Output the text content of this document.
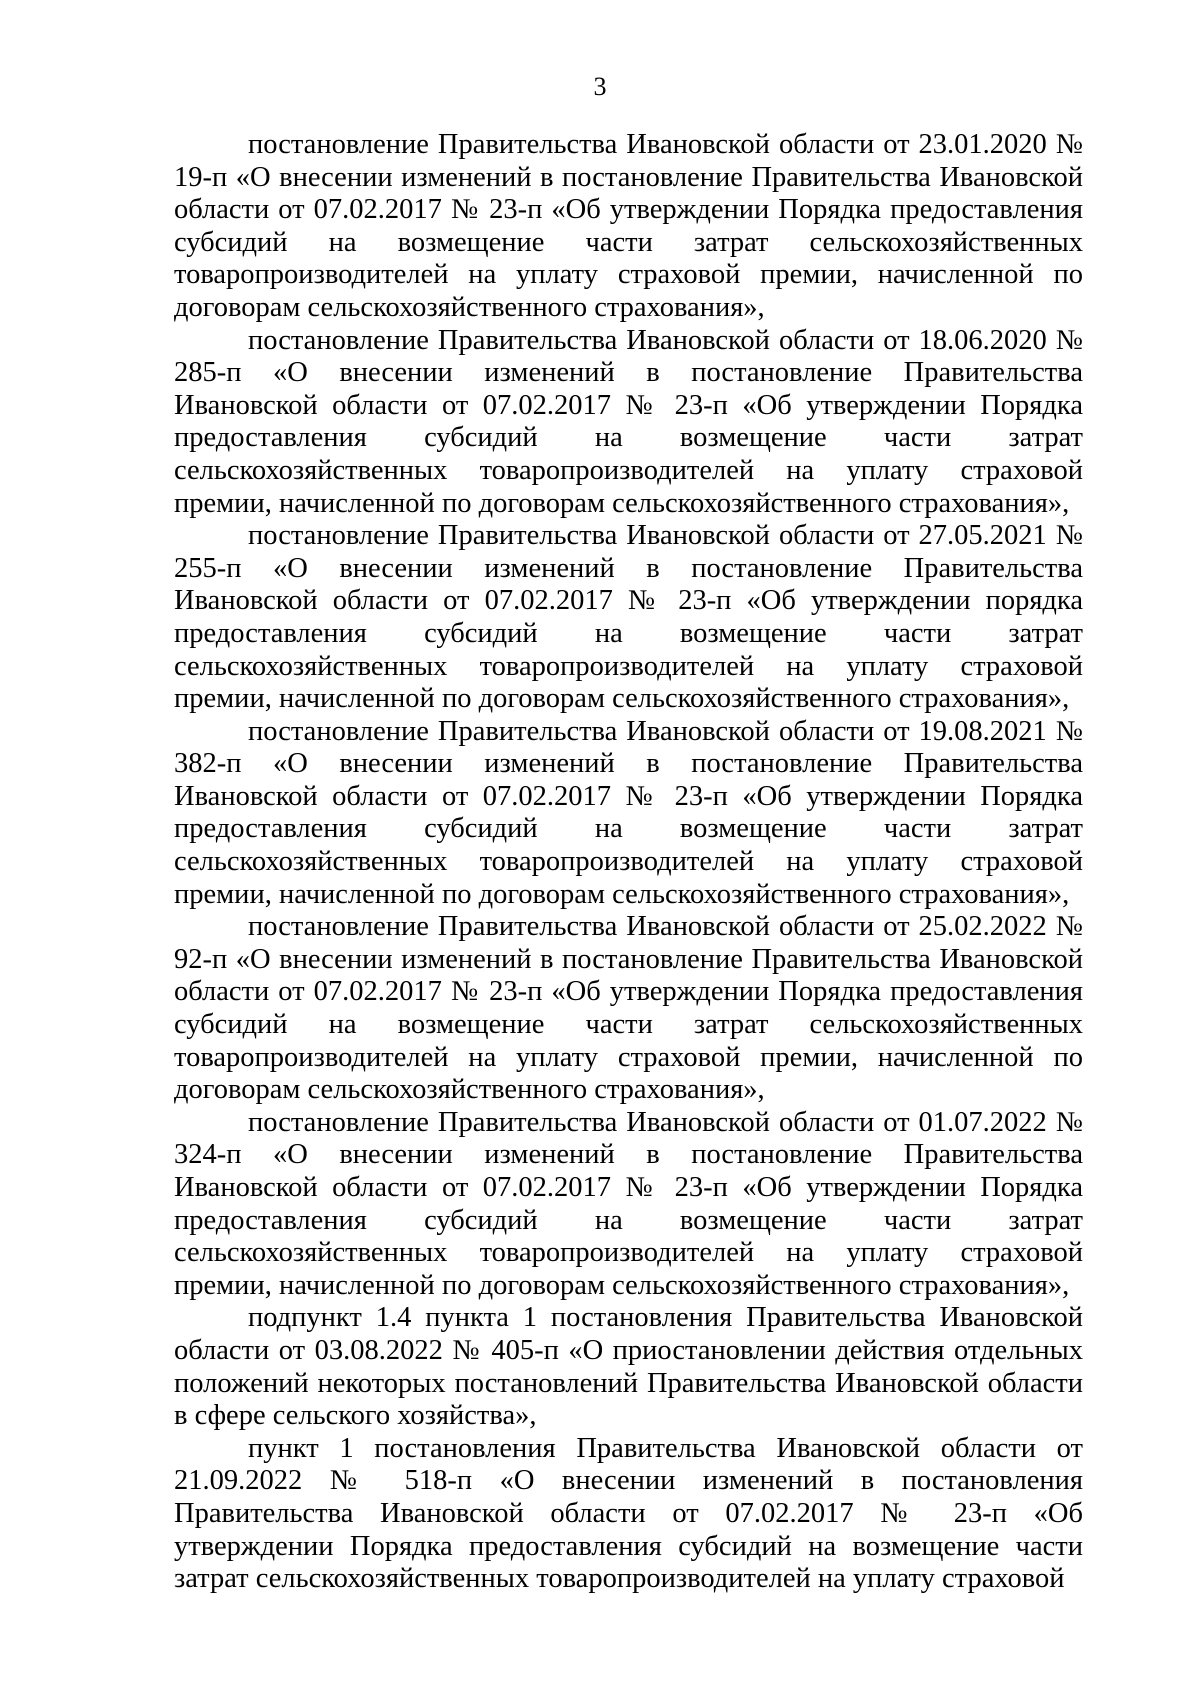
3

постановление Правительства Ивановской области от 23.01.2020 № 19-п «О внесении изменений в постановление Правительства Ивановской области от 07.02.2017 № 23-п «Об утверждении Порядка предоставления субсидий на возмещение части затрат сельскохозяйственных товаропроизводителей на уплату страховой премии, начисленной по договорам сельскохозяйственного страхования»,

постановление Правительства Ивановской области от 18.06.2020 № 285-п «О внесении изменений в постановление Правительства Ивановской области от 07.02.2017 № 23-п «Об утверждении Порядка предоставления субсидий на возмещение части затрат сельскохозяйственных товаропроизводителей на уплату страховой премии, начисленной по договорам сельскохозяйственного страхования»,

постановление Правительства Ивановской области от 27.05.2021 № 255-п «О внесении изменений в постановление Правительства Ивановской области от 07.02.2017 № 23-п «Об утверждении порядка предоставления субсидий на возмещение части затрат сельскохозяйственных товаропроизводителей на уплату страховой премии, начисленной по договорам сельскохозяйственного страхования»,

постановление Правительства Ивановской области от 19.08.2021 № 382-п «О внесении изменений в постановление Правительства Ивановской области от 07.02.2017 № 23-п «Об утверждении Порядка предоставления субсидий на возмещение части затрат сельскохозяйственных товаропроизводителей на уплату страховой премии, начисленной по договорам сельскохозяйственного страхования»,

постановление Правительства Ивановской области от 25.02.2022 № 92-п «О внесении изменений в постановление Правительства Ивановской области от 07.02.2017 № 23-п «Об утверждении Порядка предоставления субсидий на возмещение части затрат сельскохозяйственных товаропроизводителей на уплату страховой премии, начисленной по договорам сельскохозяйственного страхования»,

постановление Правительства Ивановской области от 01.07.2022 № 324-п «О внесении изменений в постановление Правительства Ивановской области от 07.02.2017 № 23-п «Об утверждении Порядка предоставления субсидий на возмещение части затрат сельскохозяйственных товаропроизводителей на уплату страховой премии, начисленной по договорам сельскохозяйственного страхования»,

подпункт 1.4 пункта 1 постановления Правительства Ивановской области от 03.08.2022 № 405-п «О приостановлении действия отдельных положений некоторых постановлений Правительства Ивановской области в сфере сельского хозяйства»,

пункт 1 постановления Правительства Ивановской области от 21.09.2022 № 518-п «О внесении изменений в постановления Правительства Ивановской области от 07.02.2017 № 23-п «Об утверждении Порядка предоставления субсидий на возмещение части затрат сельскохозяйственных товаропроизводителей на уплату страховой
